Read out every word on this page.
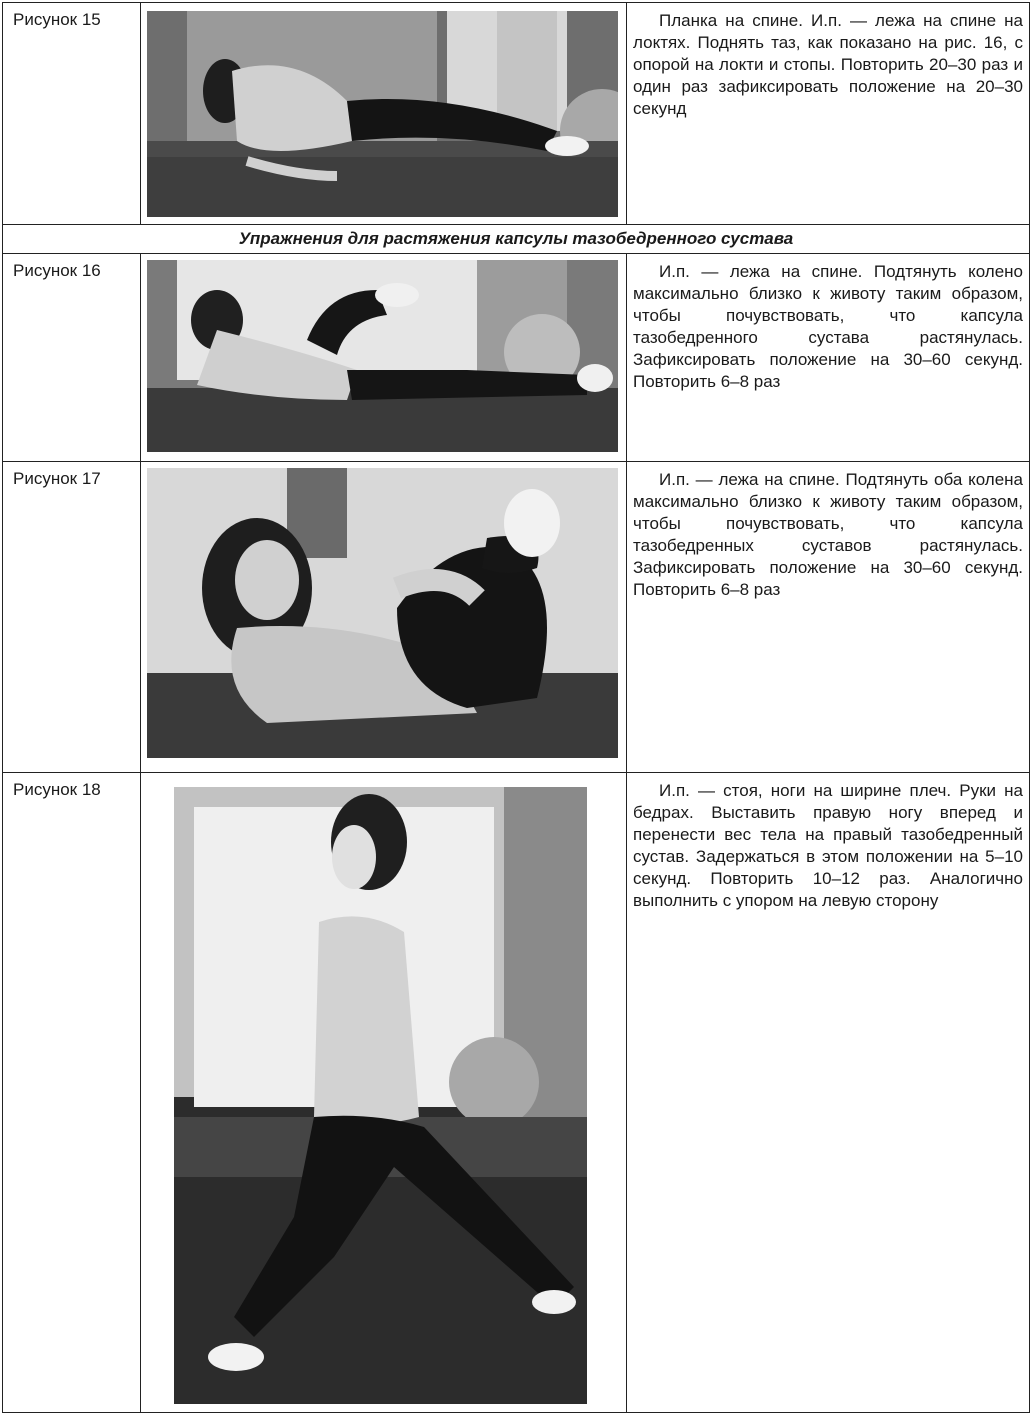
Рисунок 15		Планка на спине. И.п. — лежа на спине на локтях. Поднять таз, как показано на рис. 16, с опорой на локти и стопы. Повторить 20–30 раз и один раз зафиксировать положение на 20–30 секунд
Упражнения для растяжения капсулы тазобедренного сустава		
Рисунок 16		И.п. — лежа на спине. Подтянуть колено максимально близко к животу таким образом, чтобы почувствовать, что капсула тазобедренного сустава растянулась. Зафиксировать положение на 30–60 секунд. Повторить 6–8 раз
Рисунок 17		И.п. — лежа на спине. Подтянуть оба колена максимально близко к животу таким образом, чтобы почувствовать, что капсула тазобедренных суставов растянулась. Зафиксировать положение на 30–60 секунд. Повторить 6–8 раз
Рисунок 18		И.п. — стоя, ноги на ширине плеч. Руки на бедрах. Выставить правую ногу вперед и перенести вес тела на правый тазобедренный сустав. Задержаться в этом положении на 5–10 секунд. Повторить 10–12 раз. Аналогично выполнить с упором на левую сторону
